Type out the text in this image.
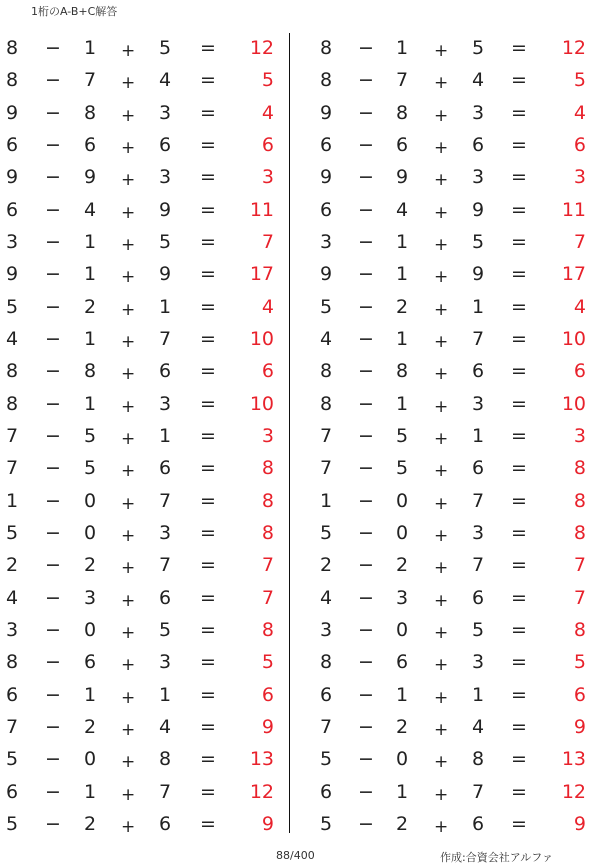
1桁のA-B+C解答
8 − 1 + 5 = 12
8 − 7 + 4 = 5
9 − 8 + 3 = 4
6 − 6 + 6 = 6
9 − 9 + 3 = 3
6 − 4 + 9 = 11
3 − 1 + 5 = 7
9 − 1 + 9 = 17
5 − 2 + 1 = 4
4 − 1 + 7 = 10
8 − 8 + 6 = 6
8 − 1 + 3 = 10
7 − 5 + 1 = 3
7 − 5 + 6 = 8
1 − 0 + 7 = 8
5 − 0 + 3 = 8
2 − 2 + 7 = 7
4 − 3 + 6 = 7
3 − 0 + 5 = 8
8 − 6 + 3 = 5
6 − 1 + 1 = 6
7 − 2 + 4 = 9
5 − 0 + 8 = 13
6 − 1 + 7 = 12
5 − 2 + 6 = 9
8 − 1 + 5 = 12
8 − 7 + 4 = 5
9 − 8 + 3 = 4
6 − 6 + 6 = 6
9 − 9 + 3 = 3
6 − 4 + 9 = 11
3 − 1 + 5 = 7
9 − 1 + 9 = 17
5 − 2 + 1 = 4
4 − 1 + 7 = 10
8 − 8 + 6 = 6
8 − 1 + 3 = 10
7 − 5 + 1 = 3
7 − 5 + 6 = 8
1 − 0 + 7 = 8
5 − 0 + 3 = 8
2 − 2 + 7 = 7
4 − 3 + 6 = 7
3 − 0 + 5 = 8
8 − 6 + 3 = 5
6 − 1 + 1 = 6
7 − 2 + 4 = 9
5 − 0 + 8 = 13
6 − 1 + 7 = 12
5 − 2 + 6 = 9
88/400	作成:合資会社アルファ
